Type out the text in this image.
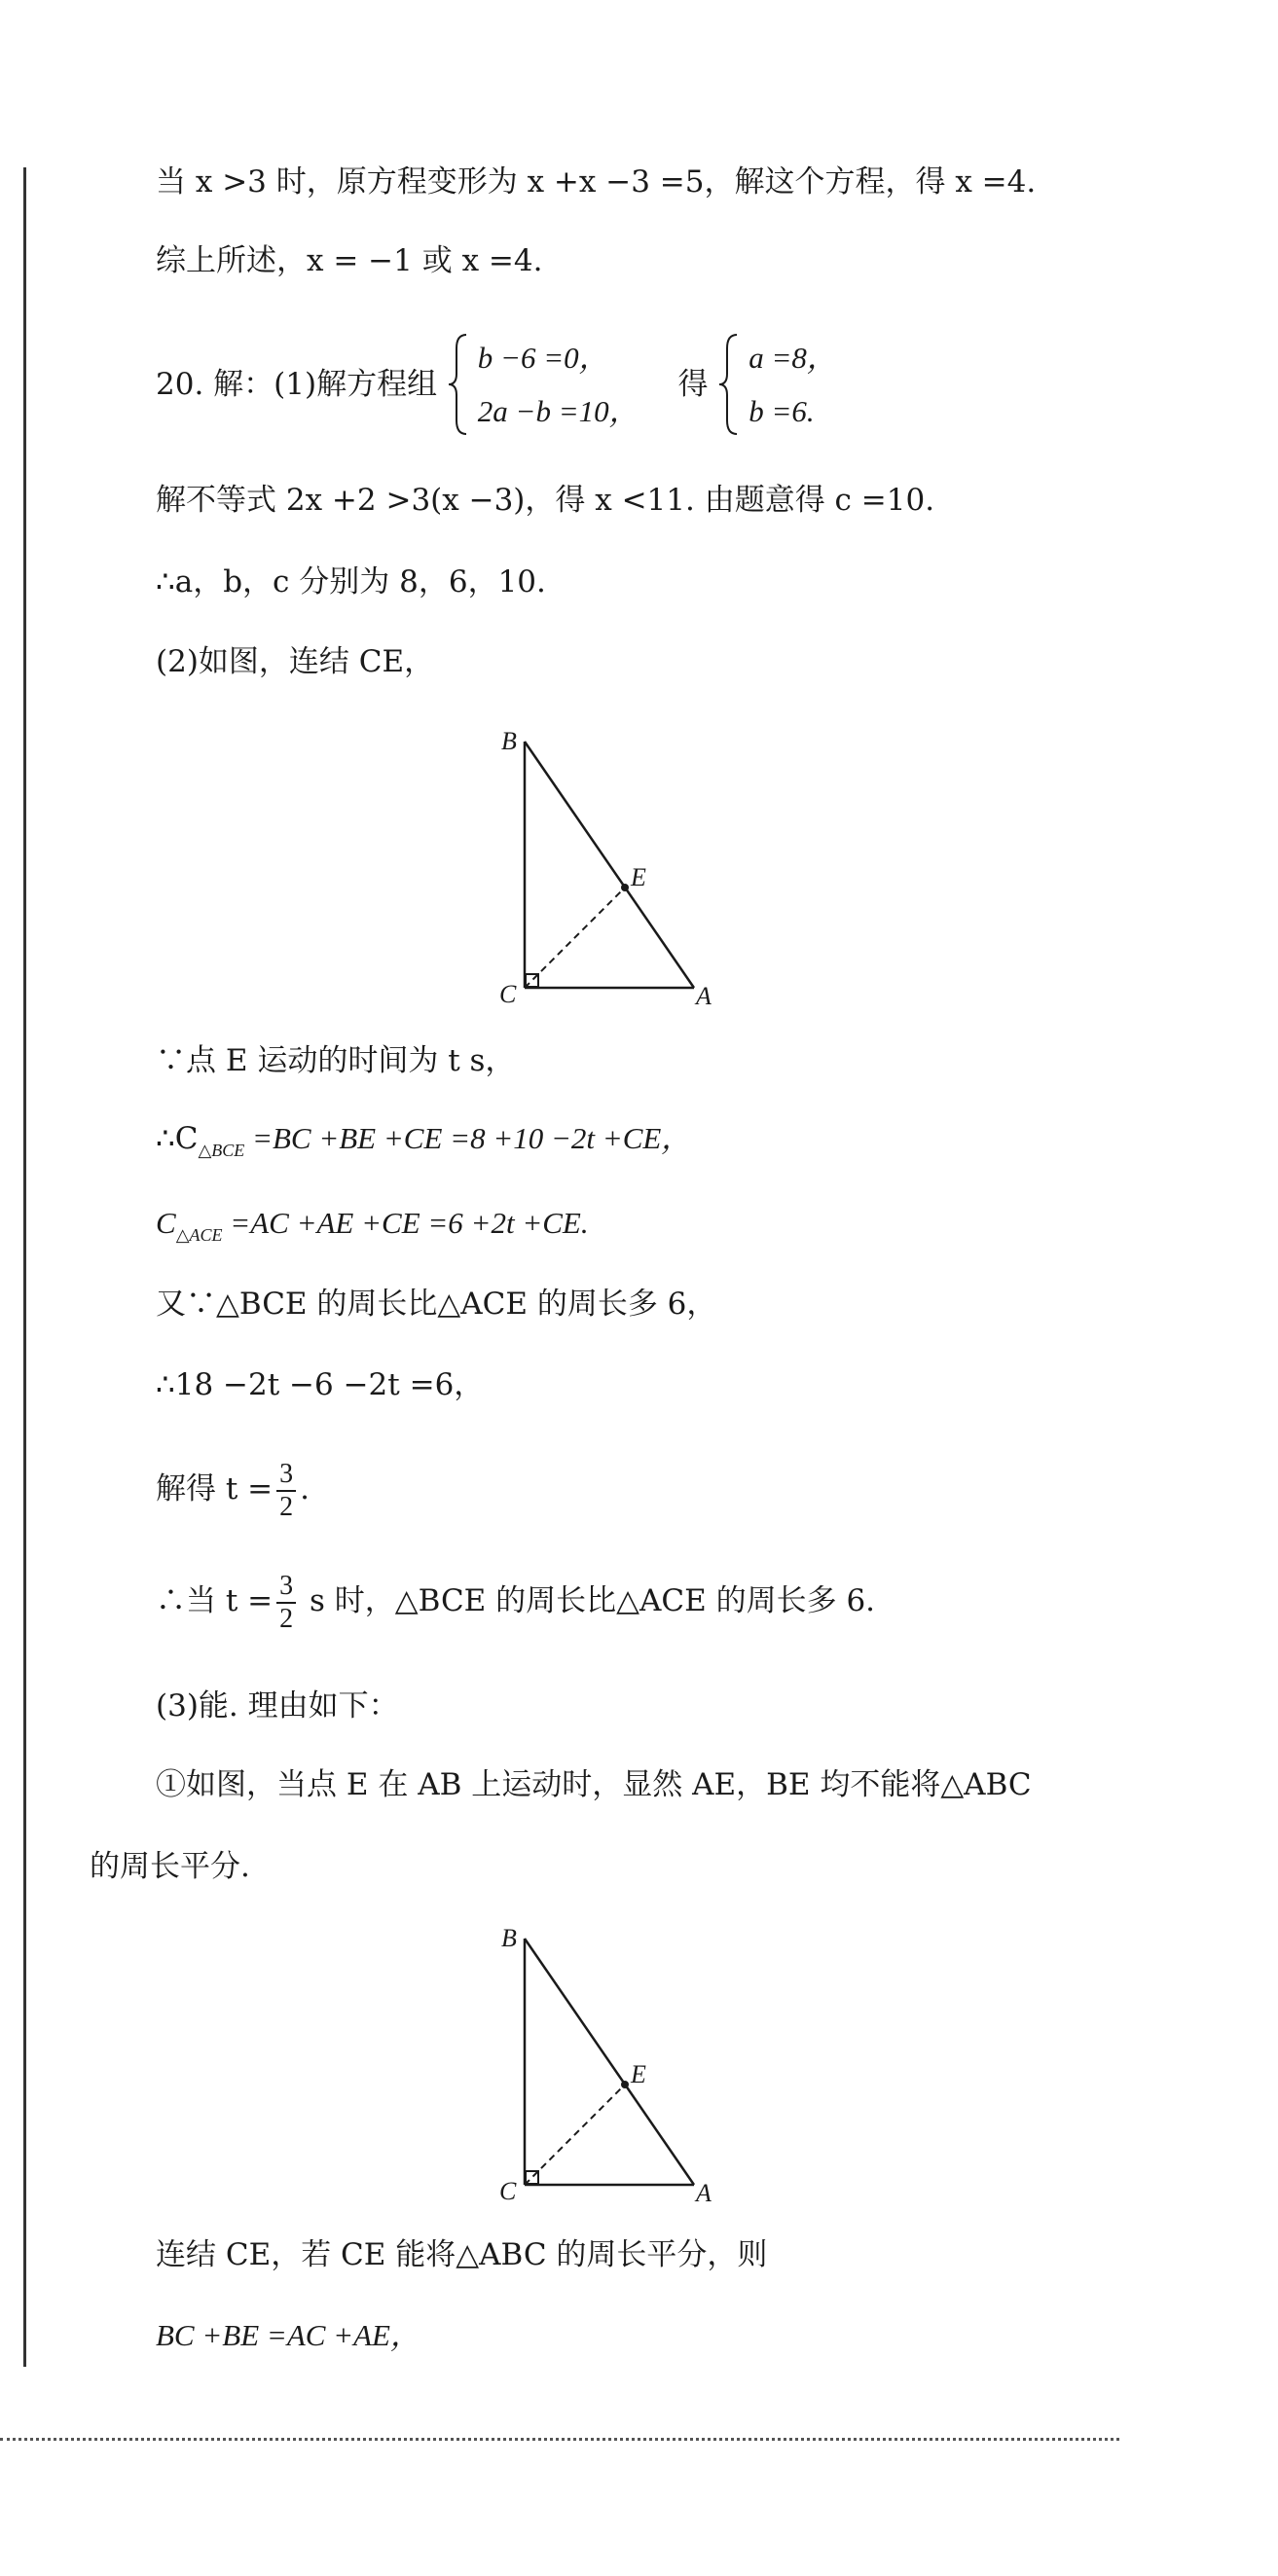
当 x >3 时，原方程变形为 x +x −3 =5，解这个方程，得 x =4.
综上所述，x = −1 或 x =4.
20. 解：(1)解方程组
b −6 =0，
2a −b =10，
得
a =8，
b =6.
解不等式 2x +2 >3(x −3)，得 x <11. 由题意得 c =10.
∴a，b，c 分别为 8，6，10.
(2)如图，连结 CE，
B
C	A
E
∵点 E 运动的时间为 t s，
$\therefore C_{\triangle BCE} =BC +BE +CE =8 +10 -2t +CE$，
$C_{\triangle ACE} =AC +AE +CE =6 +2t +CE$.
又∵△BCE 的周长比△ACE 的周长多 6，
∴18 −2t −6 −2t =6，
解得 $t = \frac{3}{2}$ .
∴当 $t = \frac{3}{2}$ s 时，△BCE 的周长比△ACE 的周长多 6.
(3)能. 理由如下：
①如图，当点 E 在 AB 上运动时，显然 AE，BE 均不能将△ABC
的周长平分.
B
C	A
E
连结 CE，若 CE 能将△ABC 的周长平分，则
BC +BE =AC +AE，
